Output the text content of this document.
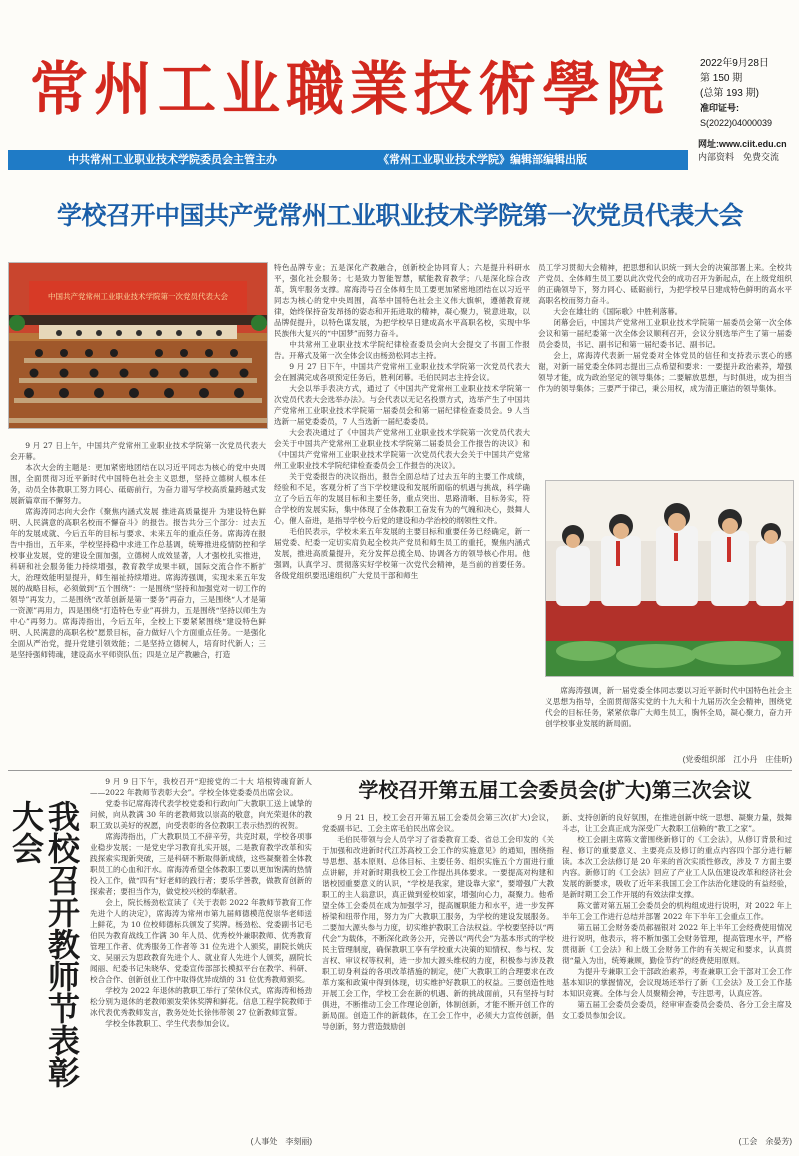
常州工业職業技術學院	2022年9月28日
第 150 期
(总第 193 期)
准印证号:
S(2022)04000039
网址:www.ciit.edu.cn
内部资料　免费交流
中共常州工业职业技术学院委员会主管主办	《常州工业职业技术学院》编辑部编辑出版
学校召开中国共产党常州工业职业技术学院第一次党员代表大会
中国共产党常州工业职业技术学院第一次党员代表大会

9 月 27 日上午，中国共产党常州工业职业技术学院第一次党员代表大会开幕。

本次大会的主题是：更加紧密地团结在以习近平同志为核心的党中央周围，全面贯彻习近平新时代中国特色社会主义思想，坚持立德树人根本任务，动员全体教职工努力同心、砥砺前行，为奋力谱写学校高质量跨越式发展新篇章而不懈努力。

席海涛同志向大会作《聚焦内涵式发展 推进高质量提升 为建设特色鲜明、人民满意的高职名校而不懈奋斗》的报告。报告共分三个部分：过去五年的发展成就、今后五年的目标与要求、未来五年的重点任务。席海涛在报告中指出，五年来，学校坚持稳中求进工作总基调，统筹推进疫情防控和学校事业发展，党的建设全面加强，立德树人成效显著，人才强校扎实推进，科研和社会服务能力持续增强，教育教学成果丰硕，国际交流合作不断扩大，治理效能明显提升，师生福祉持续增进。席海涛强调，实现未来五年发展的战略目标，必须做到“五个围绕”：一是围绕“坚持和加强党对一切工作的领导”再发力，二是围绕“改革创新是第一要务”再奋力，三是围绕“人才是第一资源”再用力，四是围绕“打造特色专业”再拼力，五是围绕“坚持以师生为中心”再努力。席海涛指出，今后五年，全校上下要紧紧围绕“建设特色鲜明、人民满意的高职名校”愿景目标，奋力做好八个方面重点任务。一是强化全面从严治党，提升党建引领效能；二是坚持立德树人，培育时代新人；三是坚持强师铸魂，建设高水平师资队伍；四是立足产教融合，打造

特色品牌专业；五是深化产教融合，创新校企协同育人；六是提升科研水平，强化社会服务；七是致力智能智慧，赋能教育教学；八是深化综合改革，筑牢服务支撑。席海涛号召全体师生员工要更加紧密地团结在以习近平同志为核心的党中央周围，高举中国特色社会主义伟大旗帜，遵循教育规律，始终保持奋发昂扬的姿态和开拓进取的精神，凝心聚力，锐意进取，以品牌促提升，以特色谋发展，为把学校早日建成高水平高职名校，实现中华民族伟大复兴的“中国梦”而努力奋斗。

中共常州工业职业技术学院纪律检查委员会向大会提交了书面工作报告。开幕式及第一次全体会议由杨劲松同志主持。

9 月 27 日下午，中国共产党常州工业职业技术学院第一次党员代表大会在圆满完成各项预定任务后，胜利闭幕。毛伯民同志主持会议。

大会以举手表决方式，通过了《中国共产党常州工业职业技术学院第一次党员代表大会选举办法》。与会代表以无记名投票方式，选举产生了中国共产党常州工业职业技术学院第一届委员会和第一届纪律检查委员会。9 人当选新一届党委委员，7 人当选新一届纪委委员。

大会表决通过了《中国共产党常州工业职业技术学院第一次党员代表大会关于中国共产党常州工业职业技术学院第二届委员会工作报告的决议》和《中国共产党常州工业职业技术学院第一次党员代表大会关于中国共产党常州工业职业技术学院纪律检查委员会工作报告的决议》。

关于党委报告的决议指出，报告全面总结了过去五年的主要工作成绩，经验和不足，客观分析了当下学校建设和发展所面临的机遇与挑战，科学确立了今后五年的发展目标和主要任务，重点突出、思路清晰、目标务实，符合学校的发展实际，集中体现了全体教职工奋发有为的气魄和决心，鼓舞人心，催人奋进，是指导学校今后党的建设和办学治校的纲领性文件。

毛伯民表示，学校未来五年发展的主要目标和重要任务已经确定，新一届党委、纪委一定切实肩负起全校共产党员和师生员工的重托，聚焦内涵式发展，推进高质量提升，充分发挥总揽全局、协调各方的领导核心作用。他强调，认真学习、贯彻落实好学校第一次党代会精神，是当前的首要任务。各级党组织要迅速组织广大党员干部和师生

员工学习贯彻大会精神，把思想和认识统一到大会的决策部署上来。全校共产党员、全体师生员工要以此次党代会的成功召开为新起点，在上级党组织的正确领导下，努力同心、砥砺前行，为把学校早日建成特色鲜明的高水平高职名校而努力奋斗。

大会在雄壮的《国际歌》中胜利落幕。

闭幕会后，中国共产党常州工业职业技术学院第一届委员会第一次全体会议和第一届纪委第一次全体会议顺利召开，会议分别选举产生了第一届委员会委员，书记、副书记和第一届纪委书记、副书记。

会上，席海涛代表新一届党委对全体党员的信任和支持表示衷心的感谢，对新一届党委全体同志提出三点希望和要求：一要提升政治素养，增强领导才能，成为政治坚定的领导集体；二要解放思想，与时俱进，成为担当作为的领导集体；三要严于律己，秉公用权，成为清正廉洁的领导集体。

席海涛强调，新一届党委全体同志要以习近平新时代中国特色社会主义思想为指导，全面贯彻落实党的十九大和十九届历次全会精神，围绕党代会的目标任务，紧紧依靠广大师生员工，胸怀全局，凝心聚力，奋力开创学校事业发展的新局面。

(党委组织部　江小丹　庄佳昕)
我校召开教师节表彰大会

9 月 9 日下午，我校召开“迎接党的二十大 培根铸魂育新人——2022 年教师节表彰大会”。学校全体党委委员出席会议。

党委书记席海涛代表学校党委和行政向广大教职工送上诚挚的问候，向从教满 30 年的老教师致以崇高的敬意，向光荣退休的教职工致以美好的祝愿，向受表彰的各位教职工表示热烈的祝贺。

席海涛指出，广大教职员工不辞辛劳，共克时艰，学校各项事业稳步发展；一是党史学习教育扎实开展，二是教育教学改革和实践探索实现新突破，三是科研不断取得新成绩，这些凝聚着全体教职员工的心血和汗水。席海涛希望全体教职工要以更加饱满的热情投入工作，做“四有”好老师的践行者；要乐学善教，做教育创新的探索者；要担当作为，做党校兴校的奉献者。

会上，院长杨劲松宣读了《关于表彰 2022 年教师节教育工作先进个人的决定》，席海涛为常州市第九届师德模范倪崇华老师送上鲜花，为 10 位校师德标兵颁发了奖牌。杨劲松、党委副书记毛伯民为教育战线工作满 30 年人员、优秀校外兼职教师、优秀教育管理工作者、优秀服务工作者等 31 位先进个人颁奖，副院长姚庆文、吴丽云为思政教育先进个人、就业育人先进个人颁奖，副院长闻丽、纪委书记朱晓华、党委宣传部部长模拟平台在教学、科研、校合合作、创新创业工作中取得优异成绩的 31 位优秀教师颁奖。

学校为 2022 年退休的教职工举行了荣休仪式，席海涛和杨劲松分别为退休的老教师颁发荣休奖牌和鲜花。信息工程学院教师于冰代表优秀教师发言，教务处处长徐伟带领 27 位新教师宣誓。

学校全体教职工、学生代表参加会议。

(人事处　李刻丽)
学校召开第五届工会委员会(扩大)第三次会议

9 月 21 日，校工会召开第五届工会委员会第三次(扩大)会议，党委副书记、工会主席毛伯民出席会议。

毛伯民带领与会人员学习了省委教育工委、省总工会印发的《关于加强和改进新时代江苏高校工会工作的实施意见》的通知，围绕指导思想、基本原则、总体目标、主要任务、组织实施五个方面进行重点讲解，并对新时期我校工会工作提出具体要求。一要提高对构建和谐校园重要意义的认识，“学校是我家，建设靠大家”，要增强广大教职工的主人翁意识，真正做到爱校如家，增强向心力，凝聚力。他希望全体工会委员在成为加强学习，提高履职能力和水平，进一步发挥桥梁和纽带作用，努力为广大教职工服务，为学校的建设发展服务。二要加大源头参与力度，切实维护教职工合法权益。学校要坚持以“两代会”为载体，不断深化政务公开，完善以“两代会”为基本形式的学校民主管理制度，确保教职工享有学校重大决策的知情权、参与权、发言权、审议权等权利，进一步加大源头维权的力度，积极参与涉及教职工切身利益的各项改革措施的制定，使广大教职工的合理要求在改革方案和政策中得到体现，切实维护好教职工的权益。三要创造性地开展工会工作，学校工会在新的机遇、新的挑战面前，只有坚持与时俱进，不断推动工会工作理论创新，体制创新，才能不断开创工作的新局面。创造工作的新载体，在工会工作中，必须大力宣传创新，倡导创新，努力营造鼓励创

新、支持创新的良好氛围，在推进创新中统一思想、凝聚力量，鼓舞斗志，让工会真正成为深受广大教职工信赖的“教工之家”。

校工会副主席陈文蕾围绕新修订的《工会法》，从修订背景和过程、修订的重要意义、主要亮点及修订的重点内容四个部分进行解读。本次工会法修订是 20 年来的首次实质性修改，涉及 7 方面主要内容。新修订的《工会法》回应了产业工人队伍建设改革和经济社会发展的新要求，吸收了近年来我国工会工作法治化建设的有益经验，是新时期工会工作开展的有效法律支撑。

陈文蕾对第五届工会委员会的机构组成进行说明，对 2022 年上半年工会工作进行总结并部署 2022 年下半年工会重点工作。

第五届工会财务委员郝福银对 2022 年上半年工会经费使用情况进行说明，他表示，将不断加强工会财务管理，提高管理水平，严格贯彻新《工会法》和上级工会财务工作的有关规定和要求，认真贯彻“量入为出，统筹兼顾，勤俭节约”的经费使用原则。

为提升专兼职工会干部政治素养，考查兼职工会干部对工会工作基本知识的掌握情况，会议现场还举行了新《工会法》及工会工作基本知识竞赛。全体与会人员聚精会神，专注思考，认真应答。

第五届工会委员会委员，经审审查委员会委员、各分工会主席及女工委员参加会议。

(工会　余晏芳)
